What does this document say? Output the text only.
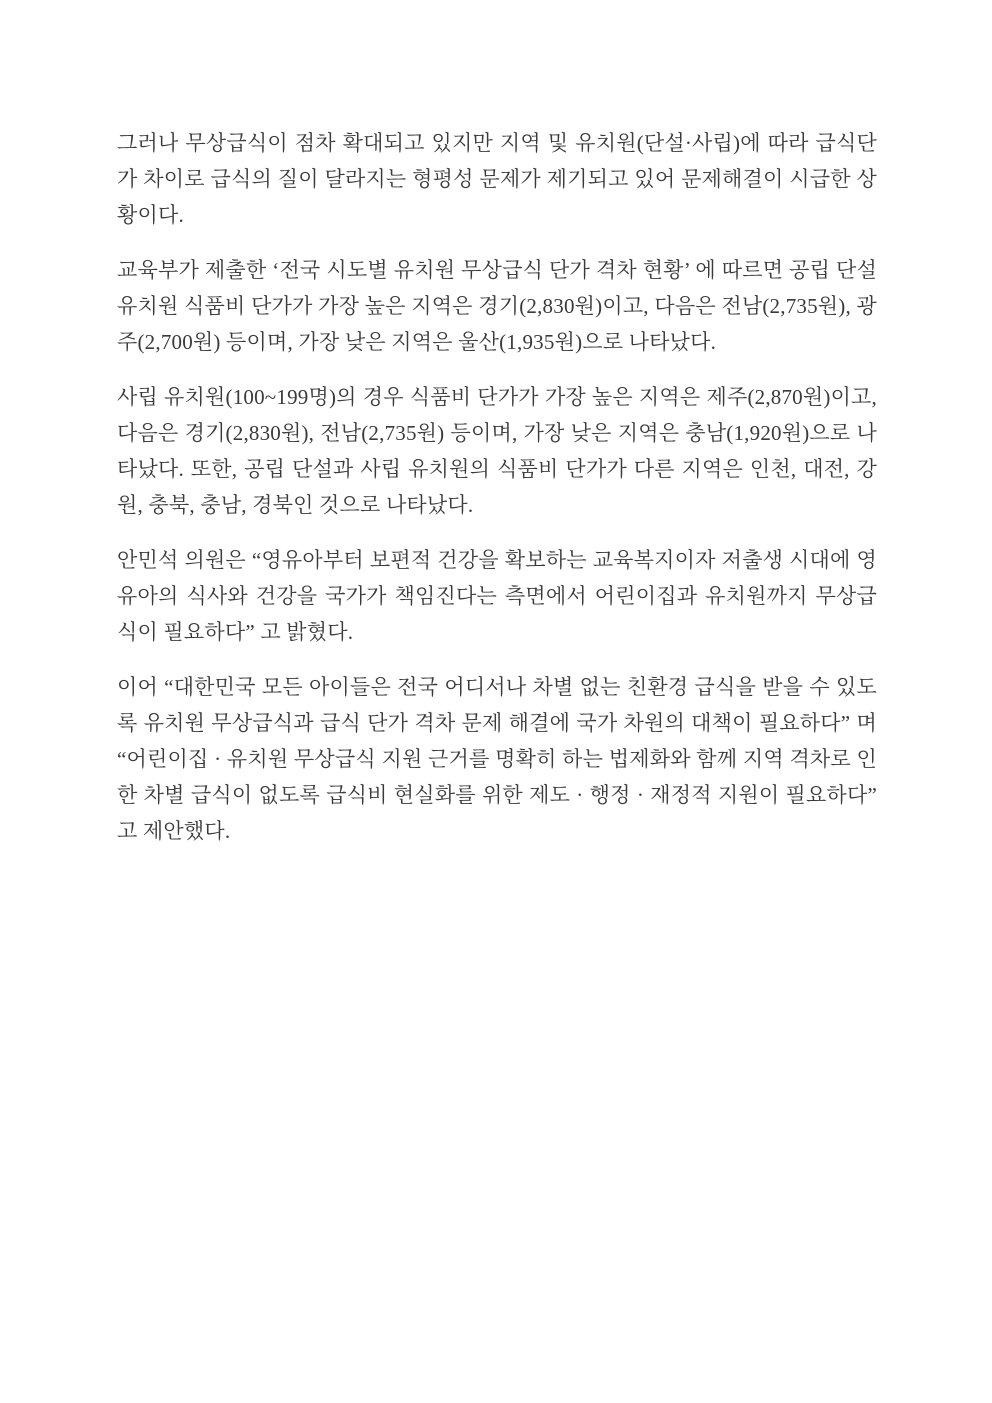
그러나 무상급식이 점차 확대되고 있지만 지역 및 유치원(단설·사립)에 따라 급식단가 차이로 급식의 질이 달라지는 형평성 문제가 제기되고 있어 문제해결이 시급한 상황이다.

교육부가 제출한 ‘전국 시도별 유치원 무상급식 단가 격차 현황’ 에 따르면 공립 단설 유치원 식품비 단가가 가장 높은 지역은 경기(2,830원)이고, 다음은 전남(2,735원), 광주(2,700원) 등이며, 가장 낮은 지역은 울산(1,935원)으로 나타났다.

사립 유치원(100~199명)의 경우 식품비 단가가 가장 높은 지역은 제주(2,870원)이고, 다음은 경기(2,830원), 전남(2,735원) 등이며, 가장 낮은 지역은 충남(1,920원)으로 나타났다. 또한, 공립 단설과 사립 유치원의 식품비 단가가 다른 지역은 인천, 대전, 강원, 충북, 충남, 경북인 것으로 나타났다.

안민석 의원은 “영유아부터 보편적 건강을 확보하는 교육복지이자 저출생 시대에 영유아의 식사와 건강을 국가가 책임진다는 측면에서 어린이집과 유치원까지 무상급식이 필요하다” 고 밝혔다.

이어 “대한민국 모든 아이들은 전국 어디서나 차별 없는 친환경 급식을 받을 수 있도록 유치원 무상급식과 급식 단가 격차 문제 해결에 국가 차원의 대책이 필요하다” 며 “어린이집 · 유치원 무상급식 지원 근거를 명확히 하는 법제화와 함께 지역 격차로 인한 차별 급식이 없도록 급식비 현실화를 위한 제도 · 행정 · 재정적 지원이 필요하다” 고 제안했다.
